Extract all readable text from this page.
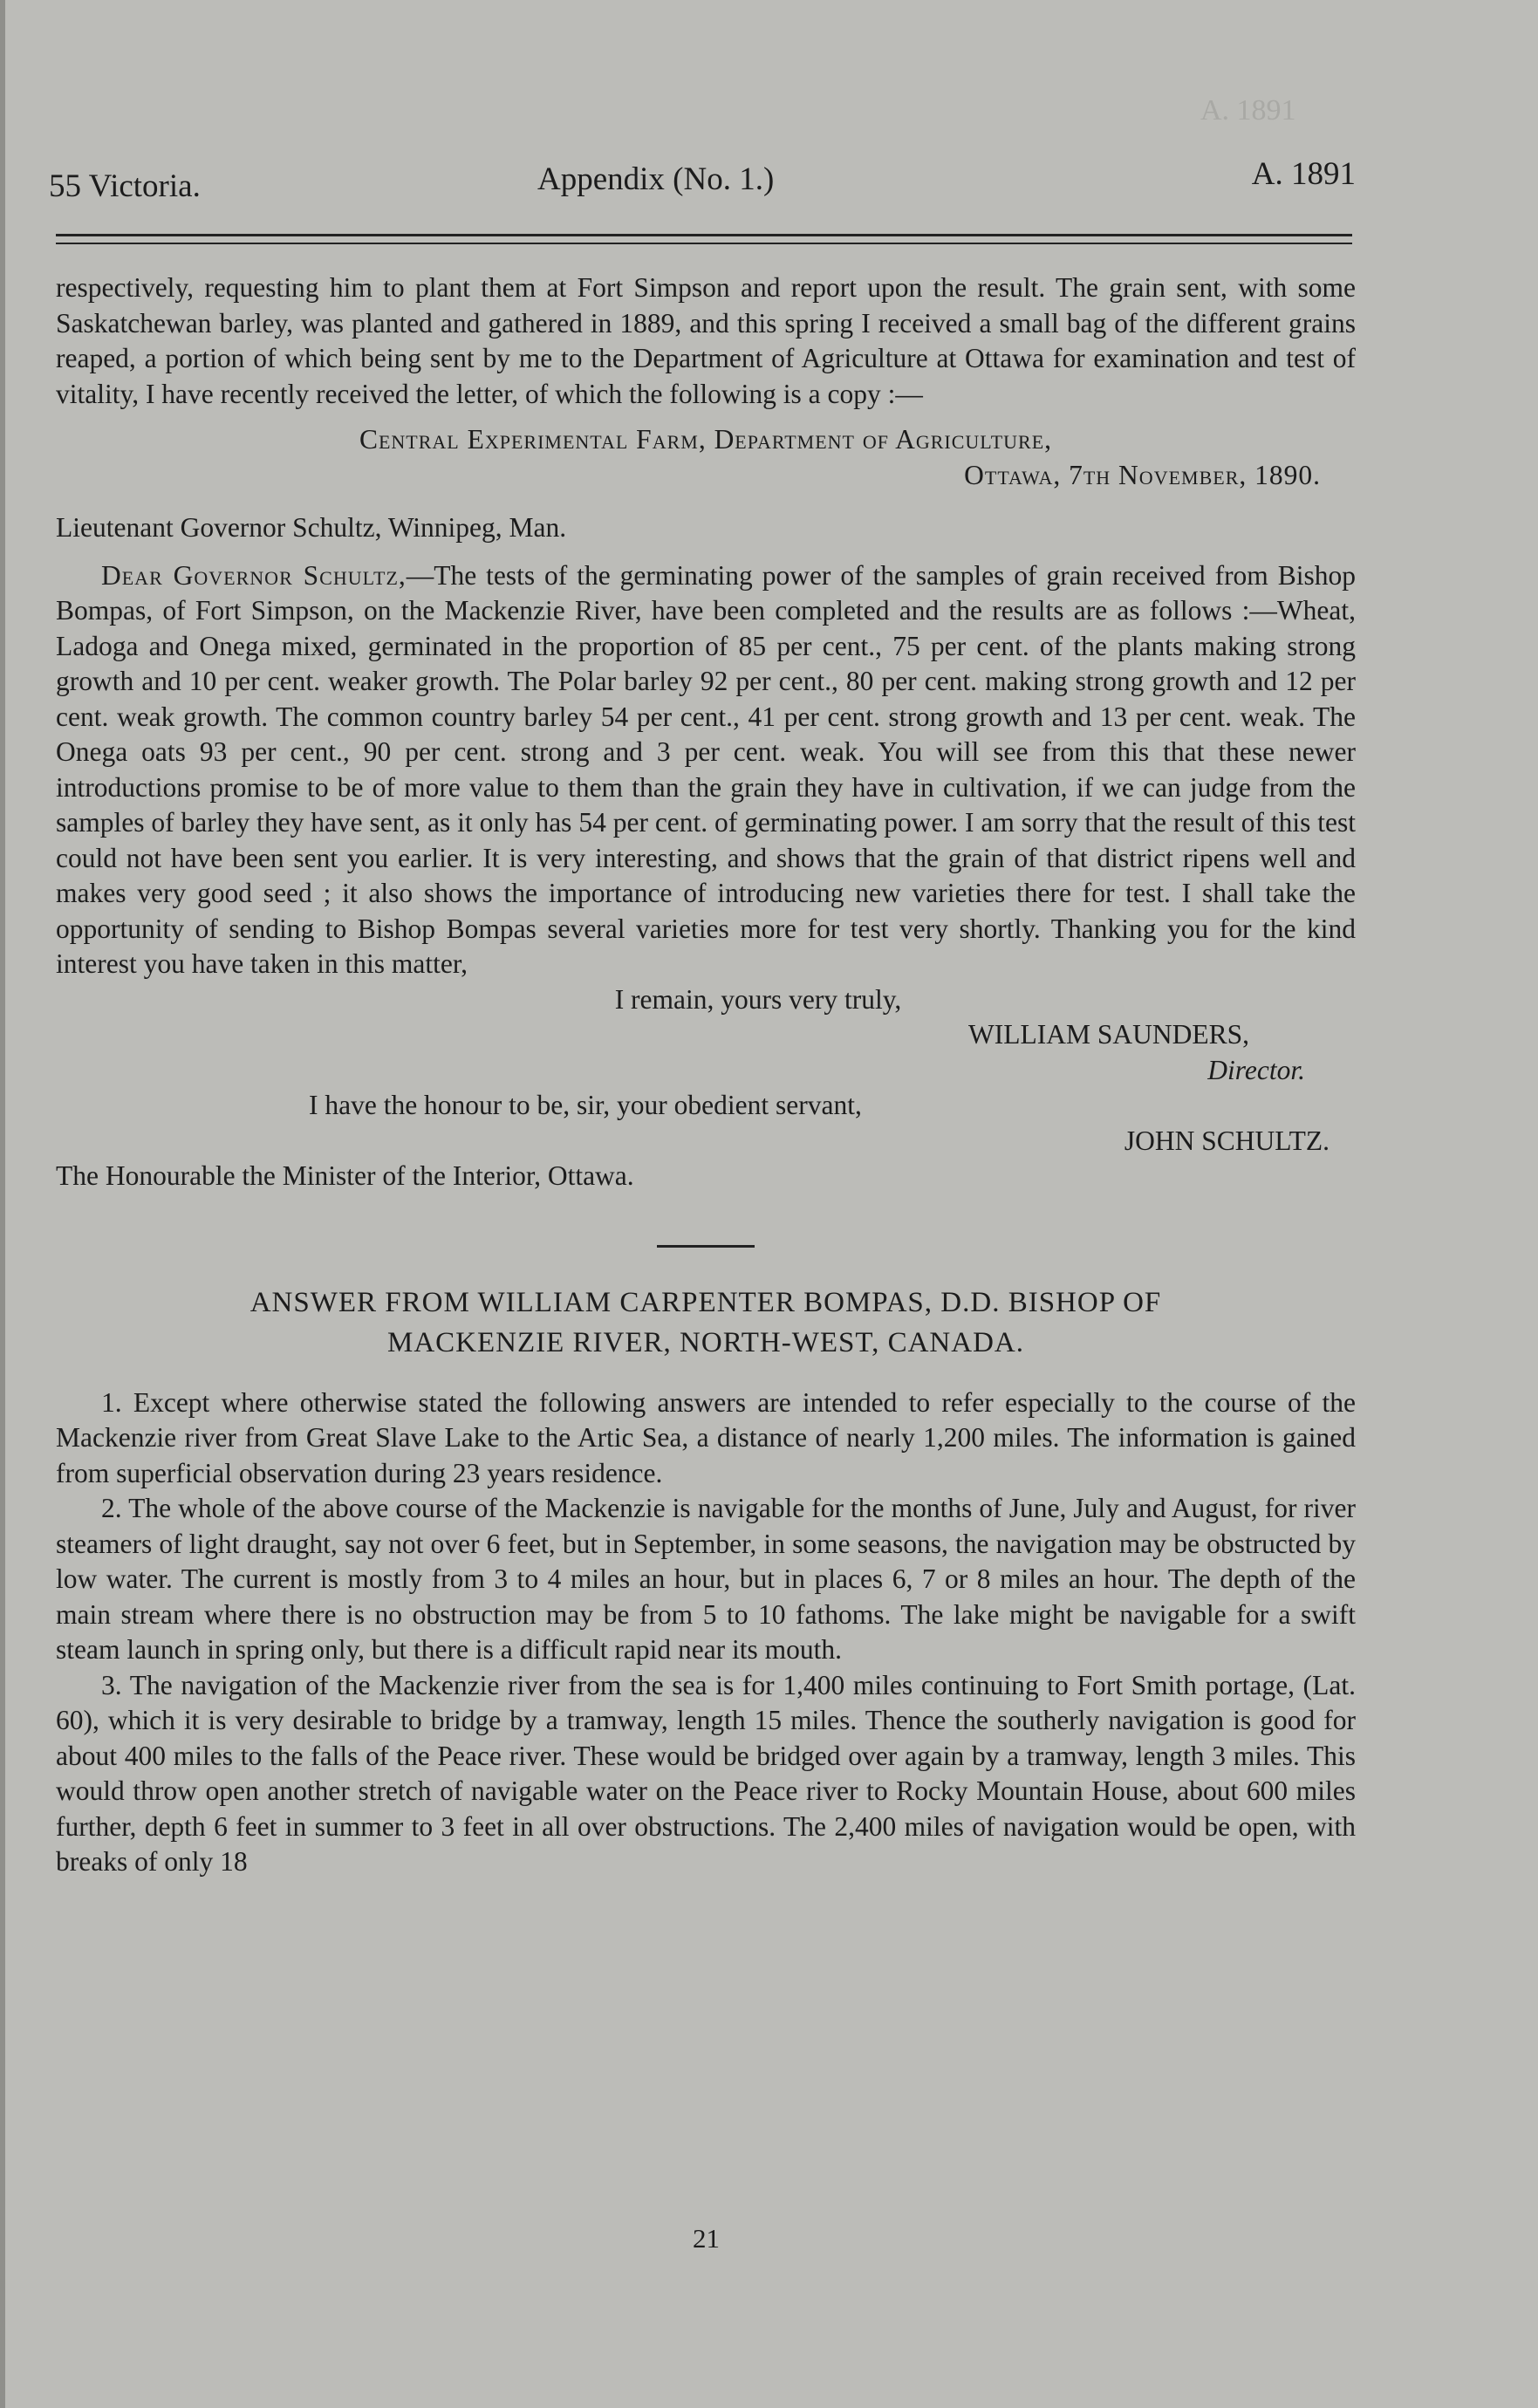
A. 1891
55 Victoria.	Appendix (No. 1.)	A. 1891

respectively, requesting him to plant them at Fort Simpson and report upon the result. The grain sent, with some Saskatchewan barley, was planted and gathered in 1889, and this spring I received a small bag of the different grains reaped, a portion of which being sent by me to the Department of Agriculture at Ottawa for examination and test of vitality, I have recently received the letter, of which the following is a copy :—

Central Experimental Farm, Department of Agriculture,

Ottawa, 7th November, 1890.

Lieutenant Governor Schultz, Winnipeg, Man.

Dear Governor Schultz,—The tests of the germinating power of the samples of grain received from Bishop Bompas, of Fort Simpson, on the Mackenzie River, have been completed and the results are as follows :—Wheat, Ladoga and Onega mixed, germinated in the proportion of 85 per cent., 75 per cent. of the plants making strong growth and 10 per cent. weaker growth. The Polar barley 92 per cent., 80 per cent. making strong growth and 12 per cent. weak growth. The common country barley 54 per cent., 41 per cent. strong growth and 13 per cent. weak. The Onega oats 93 per cent., 90 per cent. strong and 3 per cent. weak. You will see from this that these newer introductions promise to be of more value to them than the grain they have in cultivation, if we can judge from the samples of barley they have sent, as it only has 54 per cent. of germinating power. I am sorry that the result of this test could not have been sent you earlier. It is very interesting, and shows that the grain of that district ripens well and makes very good seed ; it also shows the importance of introducing new varieties there for test. I shall take the opportunity of sending to Bishop Bompas several varieties more for test very shortly. Thanking you for the kind interest you have taken in this matter,

I remain, yours very truly,

WILLIAM SAUNDERS,

Director.

I have the honour to be, sir, your obedient servant,

JOHN SCHULTZ.

The Honourable the Minister of the Interior, Ottawa.

ANSWER FROM WILLIAM CARPENTER BOMPAS, D.D. BISHOP OF

MACKENZIE RIVER, NORTH-WEST, CANADA.

1. Except where otherwise stated the following answers are intended to refer especially to the course of the Mackenzie river from Great Slave Lake to the Artic Sea, a distance of nearly 1,200 miles. The information is gained from superficial observation during 23 years residence.

2. The whole of the above course of the Mackenzie is navigable for the months of June, July and August, for river steamers of light draught, say not over 6 feet, but in September, in some seasons, the navigation may be obstructed by low water. The current is mostly from 3 to 4 miles an hour, but in places 6, 7 or 8 miles an hour. The depth of the main stream where there is no obstruction may be from 5 to 10 fathoms. The lake might be navigable for a swift steam launch in spring only, but there is a difficult rapid near its mouth.

3. The navigation of the Mackenzie river from the sea is for 1,400 miles continuing to Fort Smith portage, (Lat. 60), which it is very desirable to bridge by a tramway, length 15 miles. Thence the southerly navigation is good for about 400 miles to the falls of the Peace river. These would be bridged over again by a tramway, length 3 miles. This would throw open another stretch of navigable water on the Peace river to Rocky Mountain House, about 600 miles further, depth 6 feet in summer to 3 feet in all over obstructions. The 2,400 miles of navigation would be open, with breaks of only 18

21
